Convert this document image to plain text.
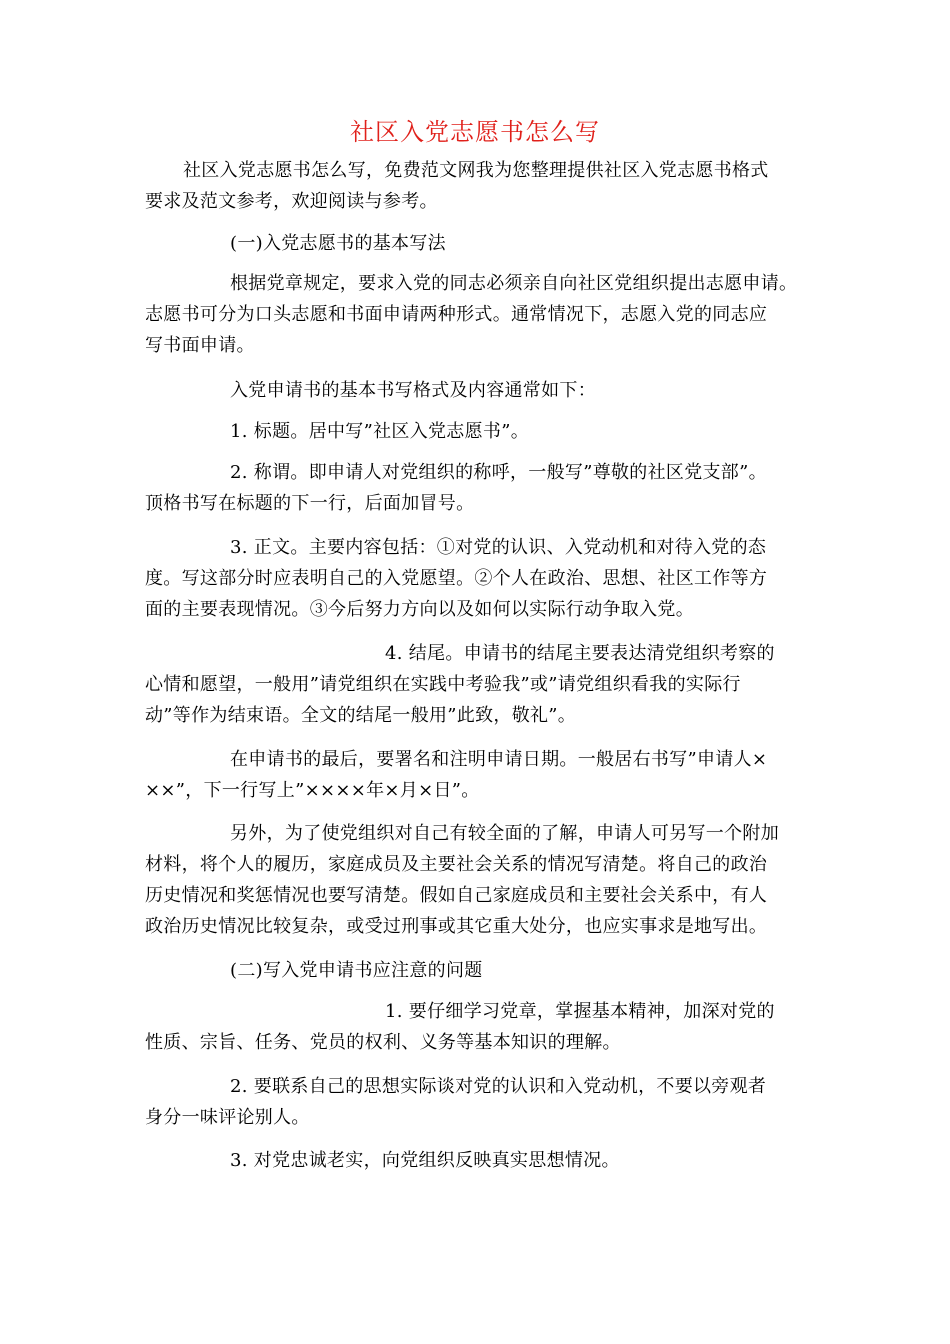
社区入党志愿书怎么写
社区入党志愿书怎么写，免费范文网我为您整理提供社区入党志愿书格式
要求及范文参考，欢迎阅读与参考。
(一)入党志愿书的基本写法
根据党章规定，要求入党的同志必须亲自向社区党组织提出志愿申请。
志愿书可分为口头志愿和书面申请两种形式。通常情况下，志愿入党的同志应
写书面申请。
入党申请书的基本书写格式及内容通常如下：
1. 标题。居中写”社区入党志愿书”。
2. 称谓。即申请人对党组织的称呼，一般写”尊敬的社区党支部”。
顶格书写在标题的下一行，后面加冒号。
3. 正文。主要内容包括：①对党的认识、入党动机和对待入党的态
度。写这部分时应表明自己的入党愿望。②个人在政治、思想、社区工作等方
面的主要表现情况。③今后努力方向以及如何以实际行动争取入党。
4. 结尾。申请书的结尾主要表达清党组织考察的
心情和愿望，一般用”请党组织在实践中考验我”或”请党组织看我的实际行
动”等作为结束语。全文的结尾一般用”此致，敬礼”。
在申请书的最后，要署名和注明申请日期。一般居右书写”申请人×
××”，下一行写上”××××年×月×日”。
另外，为了使党组织对自己有较全面的了解，申请人可另写一个附加
材料，将个人的履历，家庭成员及主要社会关系的情况写清楚。将自己的政治
历史情况和奖惩情况也要写清楚。假如自己家庭成员和主要社会关系中，有人
政治历史情况比较复杂，或受过刑事或其它重大处分，也应实事求是地写出。
(二)写入党申请书应注意的问题
1. 要仔细学习党章，掌握基本精神，加深对党的
性质、宗旨、任务、党员的权利、义务等基本知识的理解。
2. 要联系自己的思想实际谈对党的认识和入党动机，不要以旁观者
身分一味评论别人。
3. 对党忠诚老实，向党组织反映真实思想情况。
